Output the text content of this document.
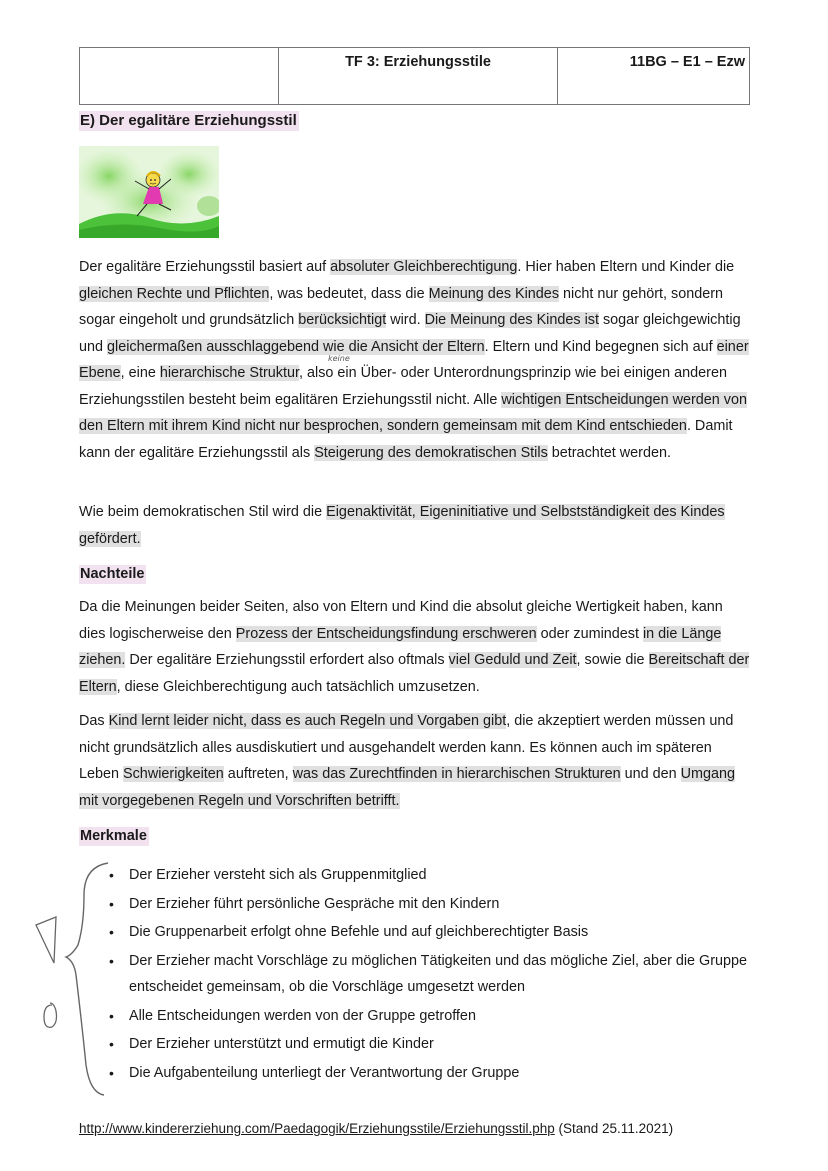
	TF 3: Erziehungsstile	11BG – E1 – Ezw
E) Der egalitäre Erziehungsstil

Der egalitäre Erziehungsstil basiert auf absoluter Gleichberechtigung. Hier haben Eltern und Kinder die gleichen Rechte und Pflichten, was bedeutet, dass die Meinung des Kindes nicht nur gehört, sondern sogar eingeholt und grundsätzlich berücksichtigt wird. Die Meinung des Kindes ist sogar gleichgewichtig und gleichermaßen ausschlaggebend wie die Ansicht der Eltern. Eltern und Kind begegnen sich auf einer Ebene, eine hierarchische Struktur, also ein Über- oder Unterordnungsprinzip wie bei einigen anderen Erziehungsstilen besteht beim egalitären Erziehungsstil nicht. Alle wichtigen Entscheidungen werden von den Eltern mit ihrem Kind nicht nur besprochen, sondern gemeinsam mit dem Kind entschieden. Damit kann der egalitäre Erziehungsstil als Steigerung des demokratischen Stils betrachtet werden.

keine

Wie beim demokratischen Stil wird die Eigenaktivität, Eigeninitiative und Selbstständigkeit des Kindes gefördert.

Nachteile

Da die Meinungen beider Seiten, also von Eltern und Kind die absolut gleiche Wertigkeit haben, kann dies logischerweise den Prozess der Entscheidungsfindung erschweren oder zumindest in die Länge ziehen. Der egalitäre Erziehungsstil erfordert also oftmals viel Geduld und Zeit, sowie die Bereitschaft der Eltern, diese Gleichberechtigung auch tatsächlich umzusetzen.

Das Kind lernt leider nicht, dass es auch Regeln und Vorgaben gibt, die akzeptiert werden müssen und nicht grundsätzlich alles ausdiskutiert und ausgehandelt werden kann. Es können auch im späteren Leben Schwierigkeiten auftreten, was das Zurechtfinden in hierarchischen Strukturen und den Umgang mit vorgegebenen Regeln und Vorschriften betrifft.

Merkmale
• Der Erzieher versteht sich als Gruppenmitglied
• Der Erzieher führt persönliche Gespräche mit den Kindern
• Die Gruppenarbeit erfolgt ohne Befehle und auf gleichberechtigter Basis
• Der Erzieher macht Vorschläge zu möglichen Tätigkeiten und das mögliche Ziel, aber die Gruppe entscheidet gemeinsam, ob die Vorschläge umgesetzt werden
• Alle Entscheidungen werden von der Gruppe getroffen
• Der Erzieher unterstützt und ermutigt die Kinder
• Die Aufgabenteilung unterliegt der Verantwortung der Gruppe
http://www.kindererziehung.com/Paedagogik/Erziehungsstile/Erziehungsstil.php (Stand 25.11.2021)
